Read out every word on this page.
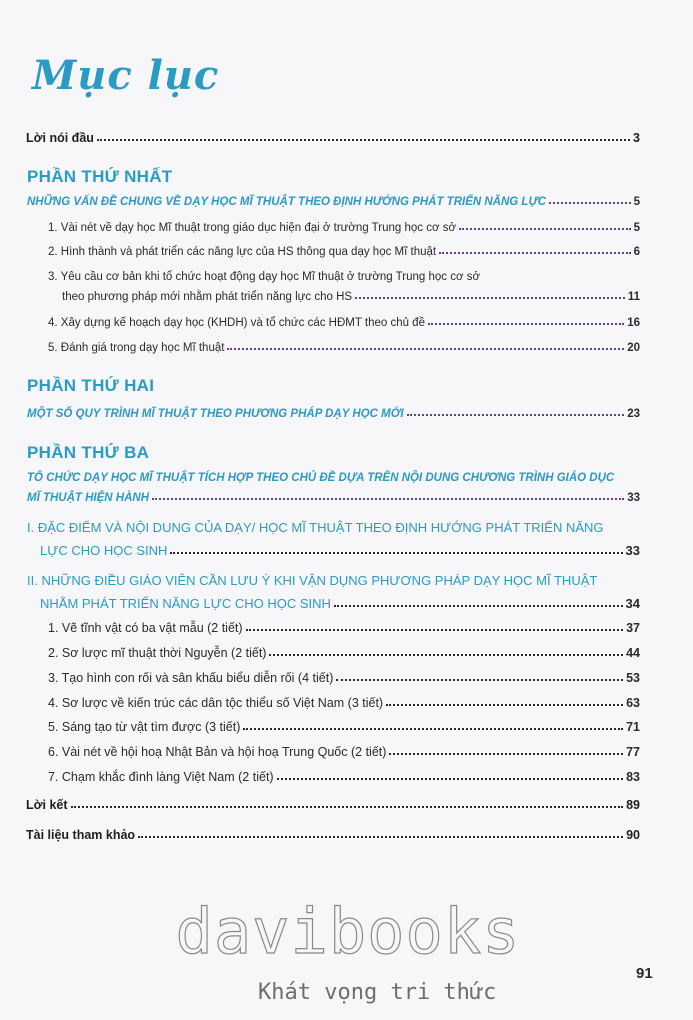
Mục lục
Lời nói đầu	3
PHẦN THỨ NHẤT
NHỮNG VẤN ĐỀ CHUNG VỀ DẠY HỌC MĨ THUẬT THEO ĐỊNH HƯỚNG PHÁT TRIỂN NĂNG LỰC	5
1. Vài nét về dạy học Mĩ thuật trong giáo dục hiện đại ở trường Trung học cơ sở	5
2. Hình thành và phát triển các năng lực của HS thông qua dạy học Mĩ thuật	6
3. Yêu cầu cơ bản khi tổ chức hoạt động dạy học Mĩ thuật ở trường Trung học cơ sở
theo phương pháp mới nhằm phát triển năng lực cho HS	11
4. Xây dựng kế hoạch dạy học (KHDH) và tổ chức các HĐMT theo chủ đề	16
5. Đánh giá trong dạy học Mĩ thuật	20
PHẦN THỨ HAI
MỘT SỐ QUY TRÌNH MĨ THUẬT THEO PHƯƠNG PHÁP DẠY HỌC MỚI	23
PHẦN THỨ BA
TỔ CHỨC DẠY HỌC MĨ THUẬT TÍCH HỢP THEO CHỦ ĐỀ DỰA TRÊN NỘI DUNG CHƯƠNG TRÌNH GIÁO DỤC
MĨ THUẬT HIỆN HÀNH	33
I. ĐẶC ĐIỂM VÀ NỘI DUNG CỦA DẠY/ HỌC MĨ THUẬT THEO ĐỊNH HƯỚNG PHÁT TRIỂN NĂNG
LỰC CHO HỌC SINH	33
II. NHỮNG ĐIỀU GIÁO VIÊN CẦN LƯU Ý KHI VẬN DỤNG PHƯƠNG PHÁP DẠY HỌC MĨ THUẬT
NHẰM PHÁT TRIỂN NĂNG LỰC CHO HỌC SINH	34
1. Vẽ tĩnh vật có ba vật mẫu (2 tiết)	37
2. Sơ lược mĩ thuật thời Nguyễn (2 tiết)	44
3. Tạo hình con rối và sân khấu biểu diễn rối (4 tiết)	53
4. Sơ lược về kiến trúc các dân tộc thiểu số Việt Nam (3 tiết)	63
5. Sáng tạo từ vật tìm được (3 tiết)	71
6. Vài nét về hội hoạ Nhật Bản và hội hoạ Trung Quốc (2 tiết)	77
7. Chạm khắc đình làng Việt Nam (2 tiết)	83
Lời kết	89
Tài liệu tham khảo	90
davibooks
Khát vọng tri thức
91
